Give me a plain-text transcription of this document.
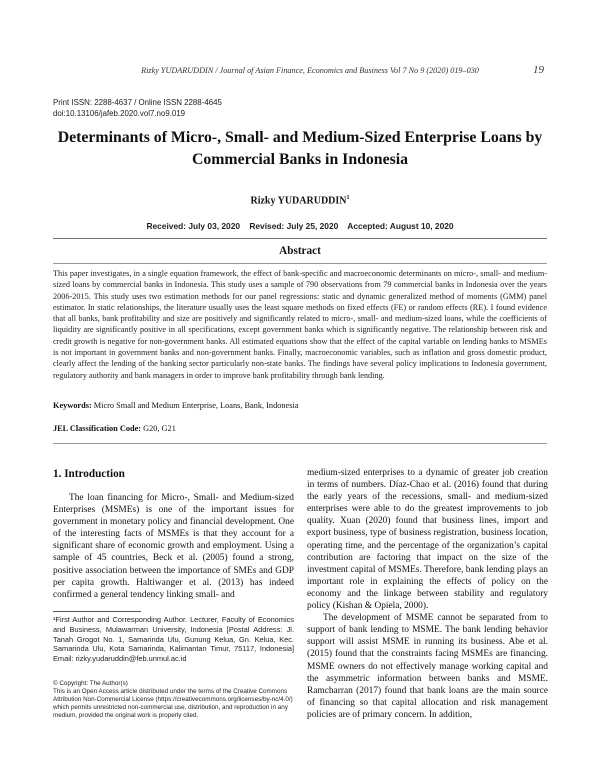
Rizky YUDARUDDIN / Journal of Asian Finance, Economics and Business Vol 7 No 9 (2020) 019–030	19
Print ISSN: 2288-4637 / Online ISSN 2288-4645
doi:10.13106/jafeb.2020.vol7.no9.019
Determinants of Micro-, Small- and Medium-Sized Enterprise Loans by
Commercial Banks in Indonesia
Rizky YUDARUDDIN$^1$
Received: July 03, 2020 Revised: July 25, 2020 Accepted: August 10, 2020
Abstract
This paper investigates, in a single equation framework, the effect of bank-specific and macroeconomic determinants on micro-, small- and medium-sized loans by commercial banks in Indonesia. This study uses a sample of 790 observations from 79 commercial banks in Indonesia over the years 2006-2015. This study uses two estimation methods for our panel regressions: static and dynamic generalized method of moments (GMM) panel estimator. In static relationships, the literature usually uses the least square methods on fixed effects (FE) or random effects (RE). I found evidence that all banks, bank profitability and size are positively and significantly related to micro-, small- and medium-sized loans, while the coefficients of liquidity are significantly positive in all specifications, except government banks which is significantly negative. The relationship between risk and credit growth is negative for non-government banks. All estimated equations show that the effect of the capital variable on lending banks to MSMEs is not important in government banks and non-government banks. Finally, macroeconomic variables, such as inflation and gross domestic product, clearly affect the lending of the banking sector particularly non-state banks. The findings have several policy implications to Indonesia government, regulatory authority and bank managers in order to improve bank profitability through bank lending.
Keywords: Micro Small and Medium Enterprise, Loans, Bank, Indonesia
JEL Classification Code: G20, G21
1. Introduction

The loan financing for Micro-, Small- and Medium-sized Enterprises (MSMEs) is one of the important issues for government in monetary policy and financial development. One of the interesting facts of MSMEs is that they account for a significant share of economic growth and employment. Using a sample of 45 countries, Beck et al. (2005) found a strong, positive association between the importance of SMEs and GDP per capita growth. Haltiwanger et al. (2013) has indeed confirmed a general tendency linking small- and

medium-sized enterprises to a dynamic of greater job creation in terms of numbers. Díaz-Chao et al. (2016) found that during the early years of the recessions, small- and medium-sized enterprises were able to do the greatest improvements to job quality. Xuan (2020) found that business lines, import and export business, type of business registration, business location, operating time, and the percentage of the organization’s capital contribution are factoring that impact on the size of the investment capital of MSMEs. Therefore, bank lending plays an important role in explaining the effects of policy on the economy and the linkage between stability and regulatory policy (Kishan & Opiela, 2000).

The development of MSME cannot be separated from to support of bank lending to MSME. The bank lending behavior support will assist MSME in running its business. Abe et al. (2015) found that the constraints facing MSMEs are financing. MSME owners do not effectively manage working capital and the asymmetric information between banks and MSME. Ramcharran (2017) found that bank loans are the main source of financing so that capital allocation and risk management policies are of primary concern. In addition,

¹First Author and Corresponding Author. Lecturer, Faculty of Economics and Business, Mulawarman University, Indonesia [Postal Address: Jl. Tanah Grogot No. 1, Samarinda Ulu, Gunung Kelua, Gn. Kelua, Kec. Samarinda Ulu, Kota Samarinda, Kalimantan Timur, 75117, Indonesia] Email: rizky.yudaruddin@feb.unmul.ac.id
© Copyright: The Author(s)
This is an Open Access article distributed under the terms of the Creative Commons Attribution Non-Commercial License (https://creativecommons.org/licenses/by-nc/4.0/) which permits unrestricted non-commercial use, distribution, and reproduction in any medium, provided the original work is properly cited.
